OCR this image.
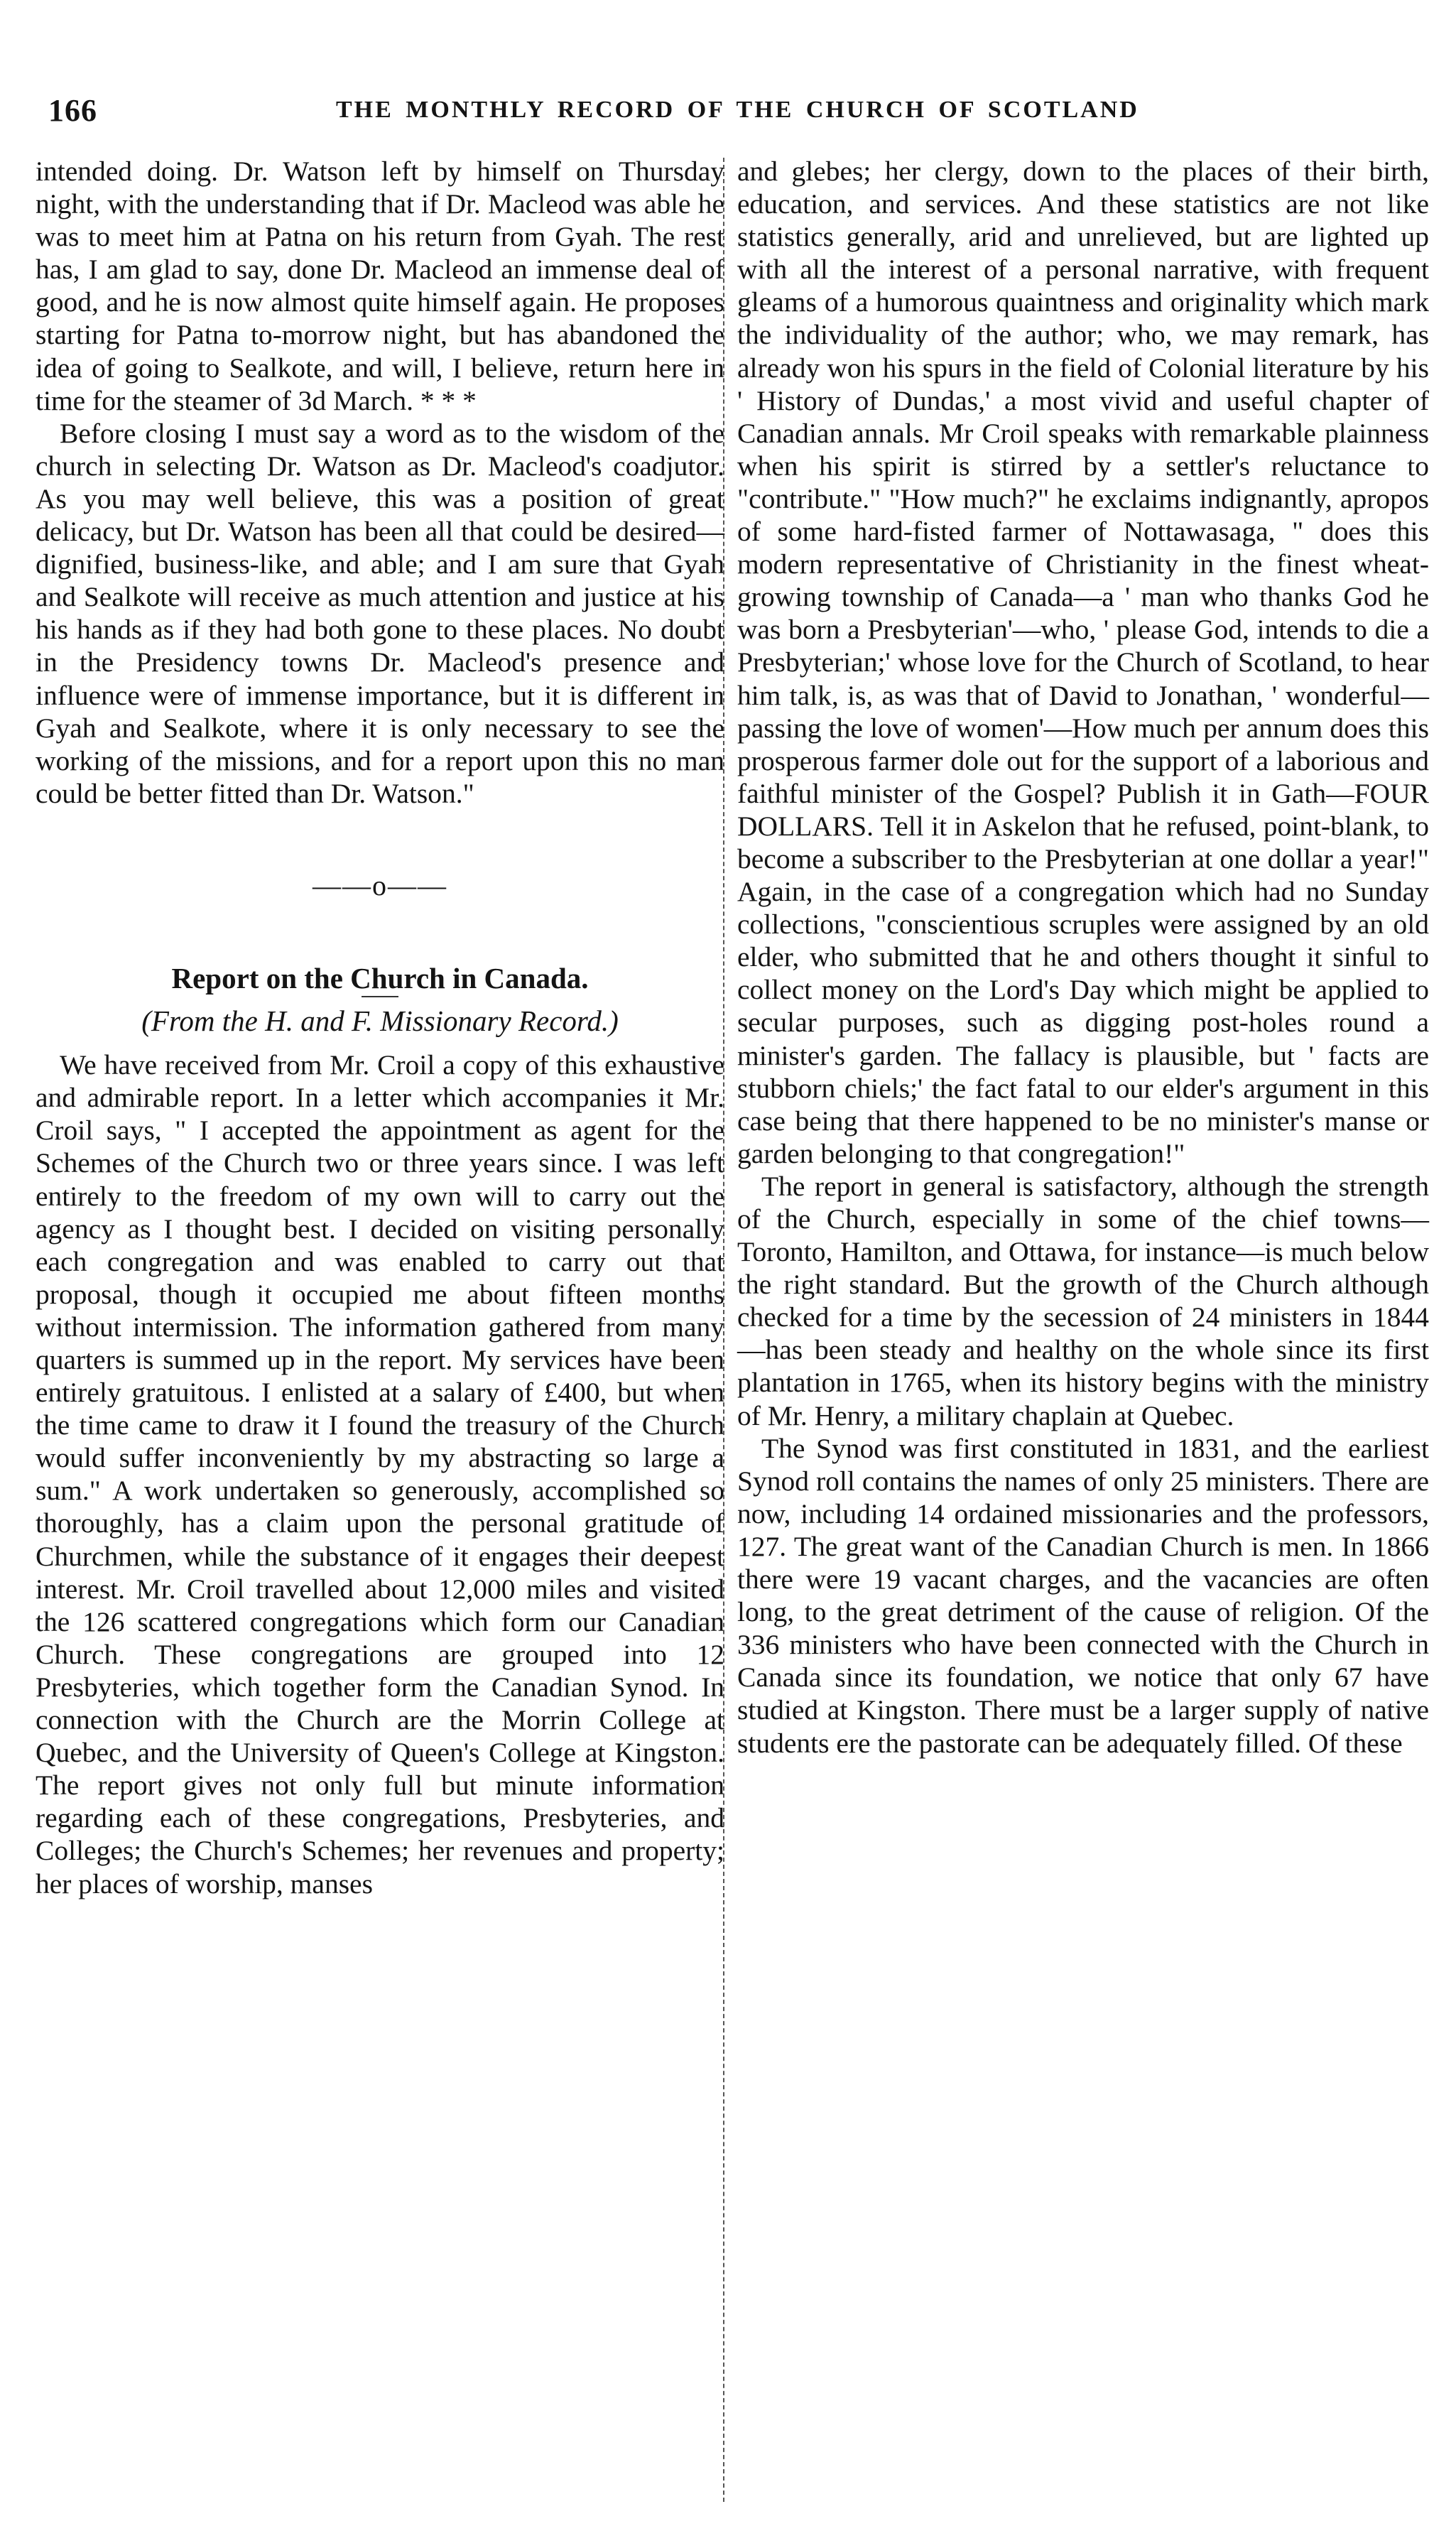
166	THE MONTHLY RECORD OF THE CHURCH OF SCOTLAND

intended doing. Dr. Watson left by himself on Thursday night, with the understanding that if Dr. Macleod was able he was to meet him at Patna on his return from Gyah. The rest has, I am glad to say, done Dr. Macleod an immense deal of good, and he is now almost quite himself again. He proposes starting for Patna to-morrow night, but has abandoned the idea of going to Sealkote, and will, I believe, return here in time for the steamer of 3d March. * * *

Before closing I must say a word as to the wisdom of the church in selecting Dr. Watson as Dr. Macleod's coadjutor. As you may well believe, this was a position of great delicacy, but Dr. Watson has been all that could be desired—dignified, business-like, and able; and I am sure that Gyah and Sealkote will receive as much attention and justice at his his hands as if they had both gone to these places. No doubt in the Presidency towns Dr. Macleod's presence and influence were of immense importance, but it is different in Gyah and Sealkote, where it is only necessary to see the working of the missions, and for a report upon this no man could be better fitted than Dr. Watson."

——o——

Report on the Church in Canada.

(From the H. and F. Missionary Record.)

We have received from Mr. Croil a copy of this exhaustive and admirable report. In a letter which accompanies it Mr. Croil says, " I accepted the appointment as agent for the Schemes of the Church two or three years since. I was left entirely to the freedom of my own will to carry out the agency as I thought best. I decided on visiting personally each congregation and was enabled to carry out that proposal, though it occupied me about fifteen months without intermission. The information gathered from many quarters is summed up in the report. My services have been entirely gratuitous. I enlisted at a salary of £400, but when the time came to draw it I found the treasury of the Church would suffer inconveniently by my abstracting so large a sum." A work undertaken so generously, accomplished so thoroughly, has a claim upon the personal gratitude of Churchmen, while the substance of it engages their deepest interest. Mr. Croil travelled about 12,000 miles and visited the 126 scattered congregations which form our Canadian Church. These congregations are grouped into 12 Presbyteries, which together form the Canadian Synod. In connection with the Church are the Morrin College at Quebec, and the University of Queen's College at Kingston. The report gives not only full but minute information regarding each of these congregations, Presbyteries, and Colleges; the Church's Schemes; her revenues and property; her places of worship, manses

and glebes; her clergy, down to the places of their birth, education, and services. And these statistics are not like statistics generally, arid and unrelieved, but are lighted up with all the interest of a personal narrative, with frequent gleams of a humorous quaintness and originality which mark the individuality of the author; who, we may remark, has already won his spurs in the field of Colonial literature by his ' History of Dundas,' a most vivid and useful chapter of Canadian annals. Mr Croil speaks with remarkable plainness when his spirit is stirred by a settler's reluctance to "contribute." "How much?" he exclaims indignantly, apropos of some hard-fisted farmer of Nottawasaga, " does this modern representative of Christianity in the finest wheat-growing township of Canada—a ' man who thanks God he was born a Presbyterian'—who, ' please God, intends to die a Presbyterian;' whose love for the Church of Scotland, to hear him talk, is, as was that of David to Jonathan, ' wonderful—passing the love of women'—How much per annum does this prosperous farmer dole out for the support of a laborious and faithful minister of the Gospel? Publish it in Gath—FOUR DOLLARS. Tell it in Askelon that he refused, point-blank, to become a subscriber to the Presbyterian at one dollar a year!" Again, in the case of a congregation which had no Sunday collections, "conscientious scruples were assigned by an old elder, who submitted that he and others thought it sinful to collect money on the Lord's Day which might be applied to secular purposes, such as digging post-holes round a minister's garden. The fallacy is plausible, but ' facts are stubborn chiels;' the fact fatal to our elder's argument in this case being that there happened to be no minister's manse or garden belonging to that congregation!"

The report in general is satisfactory, although the strength of the Church, especially in some of the chief towns—Toronto, Hamilton, and Ottawa, for instance—is much below the right standard. But the growth of the Church although checked for a time by the secession of 24 ministers in 1844—has been steady and healthy on the whole since its first plantation in 1765, when its history begins with the ministry of Mr. Henry, a military chaplain at Quebec.

The Synod was first constituted in 1831, and the earliest Synod roll contains the names of only 25 ministers. There are now, including 14 ordained missionaries and the professors, 127. The great want of the Canadian Church is men. In 1866 there were 19 vacant charges, and the vacancies are often long, to the great detriment of the cause of religion. Of the 336 ministers who have been connected with the Church in Canada since its foundation, we notice that only 67 have studied at Kingston. There must be a larger supply of native students ere the pastorate can be adequately filled. Of these
